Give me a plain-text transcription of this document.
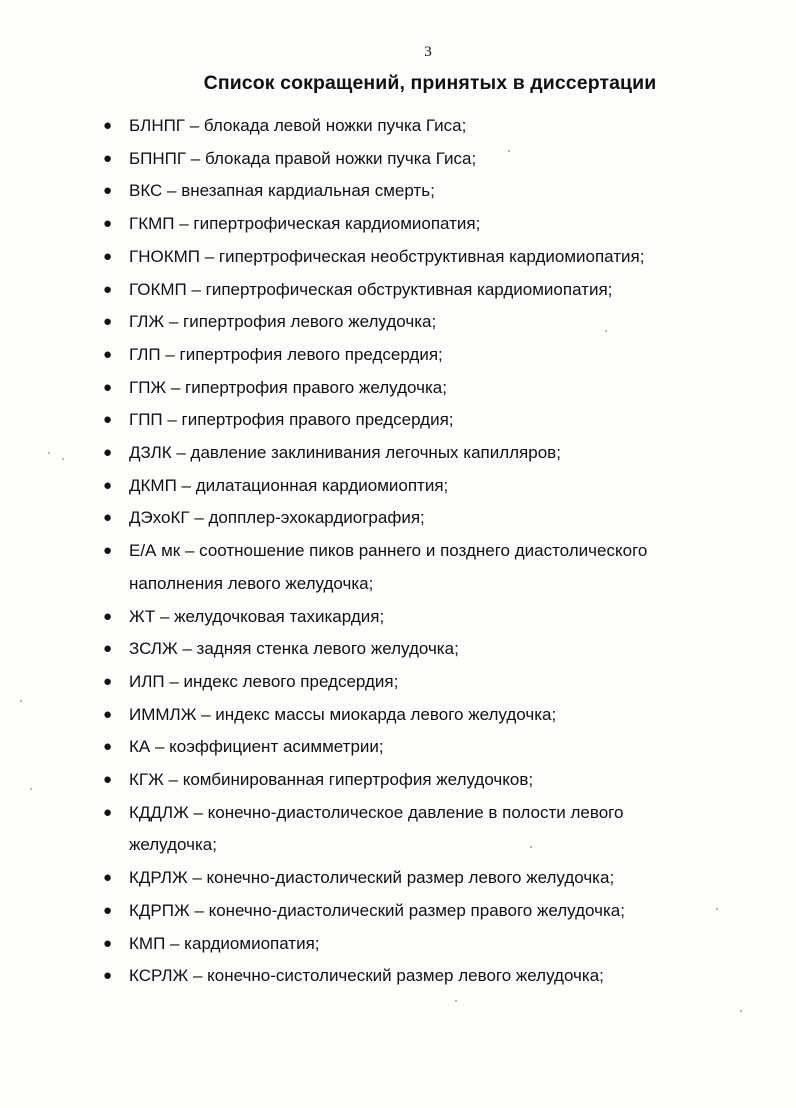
3
Список сокращений, принятых в диссертации
● БЛНПГ – блокада левой ножки пучка Гиса;
● БПНПГ – блокада правой ножки пучка Гиса;
● ВКС – внезапная кардиальная смерть;
● ГКМП – гипертрофическая кардиомиопатия;
● ГНОКМП – гипертрофическая необструктивная кардиомиопатия;
● ГОКМП – гипертрофическая обструктивная кардиомиопатия;
● ГЛЖ – гипертрофия левого желудочка;
● ГЛП – гипертрофия левого предсердия;
● ГПЖ – гипертрофия правого желудочка;
● ГПП – гипертрофия правого предсердия;
● ДЗЛК – давление заклинивания легочных капилляров;
● ДКМП – дилатационная кардиомиоптия;
● ДЭхоКГ – допплер-эхокардиография;
● Е/А мк – соотношение пиков раннего и позднего диастолического
наполнения левого желудочка;
● ЖТ – желудочковая тахикардия;
● ЗСЛЖ – задняя стенка левого желудочка;
● ИЛП – индекс левого предсердия;
● ИММЛЖ – индекс массы миокарда левого желудочка;
● КА – коэффициент асимметрии;
● КГЖ – комбинированная гипертрофия желудочков;
● КДДЛЖ – конечно-диастолическое давление в полости левого
желудочка;
● КДРЛЖ – конечно-диастолический размер левого желудочка;
● КДРПЖ – конечно-диастолический размер правого желудочка;
● КМП – кардиомиопатия;
● КСРЛЖ – конечно-систолический размер левого желудочка;
